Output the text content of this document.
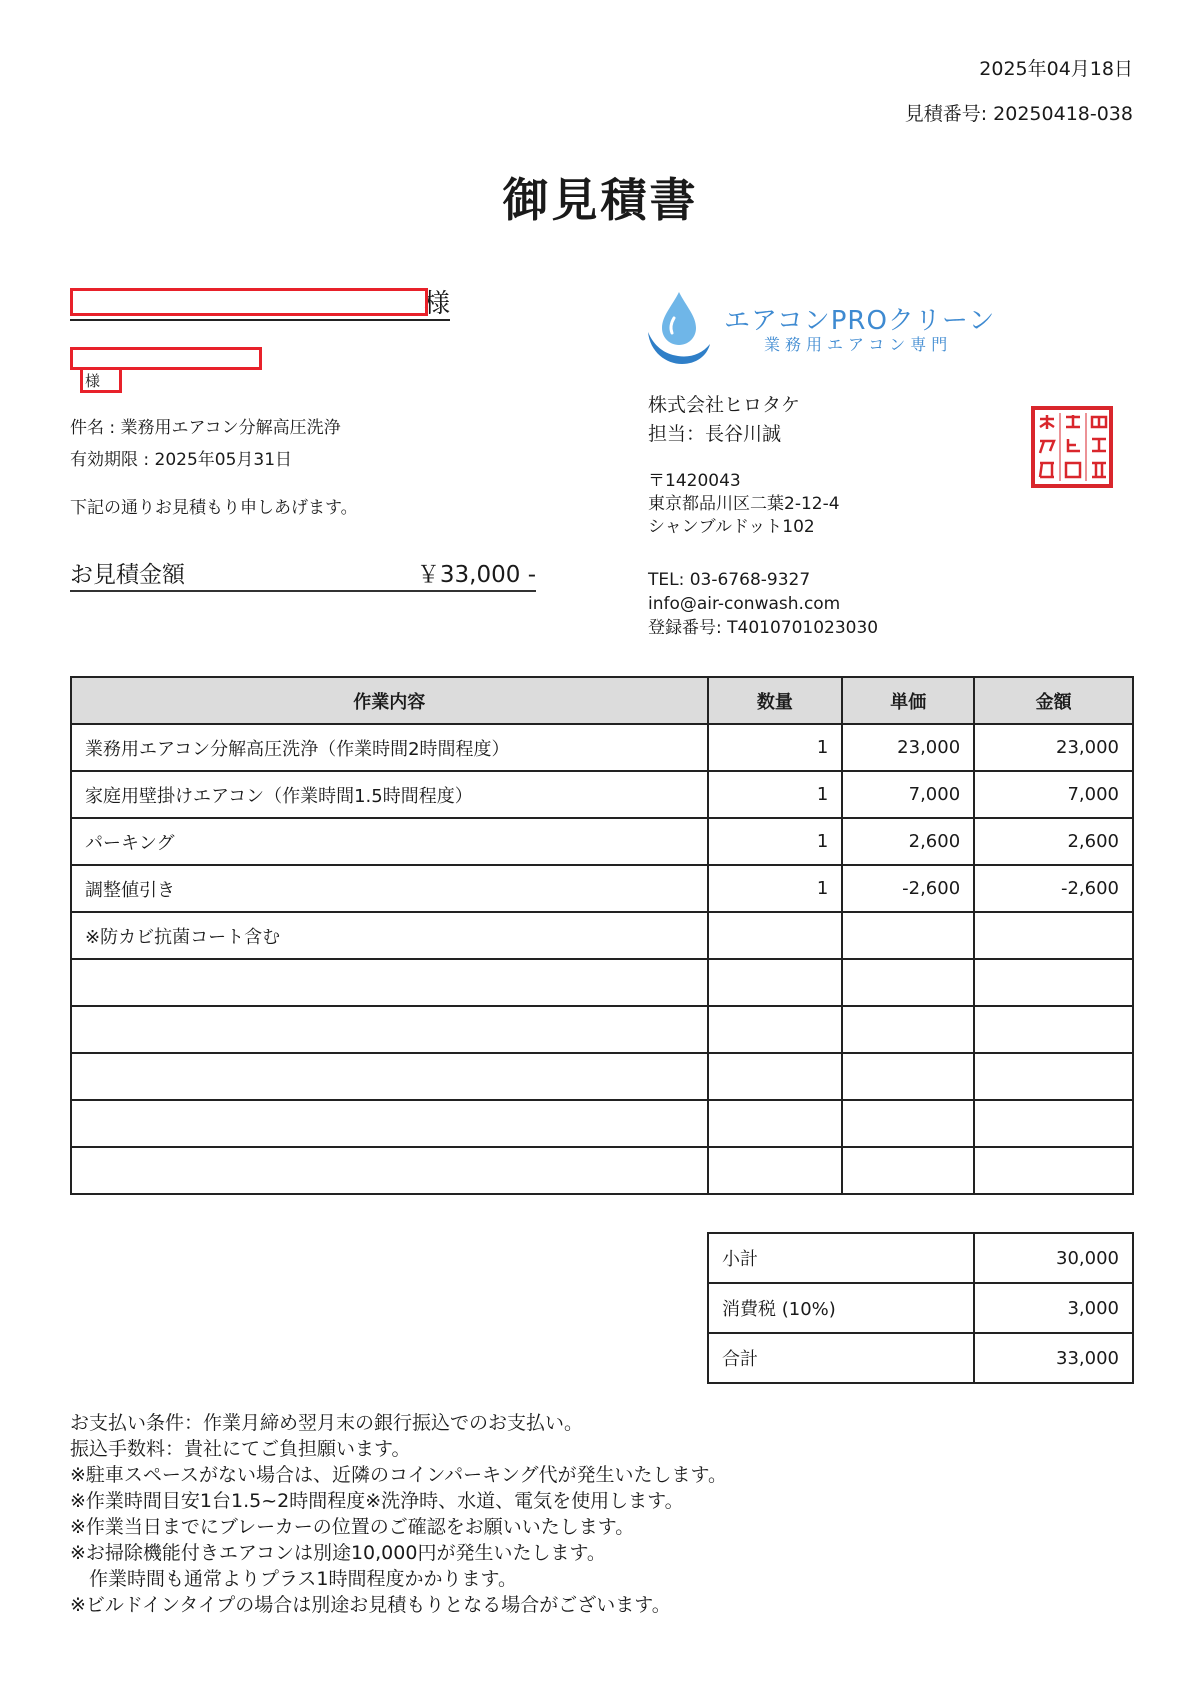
2025年04月18日
見積番号: 20250418-038
御見積書
様
様
件名 : 業務用エアコン分解高圧洗浄
有効期限 : 2025年05月31日
下記の通りお見積もり申しあげます。
お見積金額	￥33,000 -
エアコンPROクリーン
業務用エアコン専門
株式会社ヒロタケ
担当：長谷川誠
〒1420043
東京都品川区二葉2-12-4
シャンブルドット102
TEL: 03-6768-9327
info@air-conwash.com
登録番号: T4010701023030
作業内容	数量	単価	金額
業務用エアコン分解高圧洗浄（作業時間2時間程度）	1	23,000	23,000
家庭用壁掛けエアコン（作業時間1.5時間程度）	1	7,000	7,000
パーキング	1	2,600	2,600
調整値引き	1	-2,600	-2,600
※防カビ抗菌コート含む			

小計	30,000
消費税 (10%)	3,000
合計	33,000
お支払い条件：作業月締め翌月末の銀行振込でのお支払い。
振込手数料：貴社にてご負担願います。
※駐車スペースがない場合は、近隣のコインパーキング代が発生いたします。
※作業時間目安1台1.5~2時間程度※洗浄時、水道、電気を使用します。
※作業当日までにブレーカーの位置のご確認をお願いいたします。
※お掃除機能付きエアコンは別途10,000円が発生いたします。
　作業時間も通常よりプラス1時間程度かかります。
※ビルドインタイプの場合は別途お見積もりとなる場合がございます。
